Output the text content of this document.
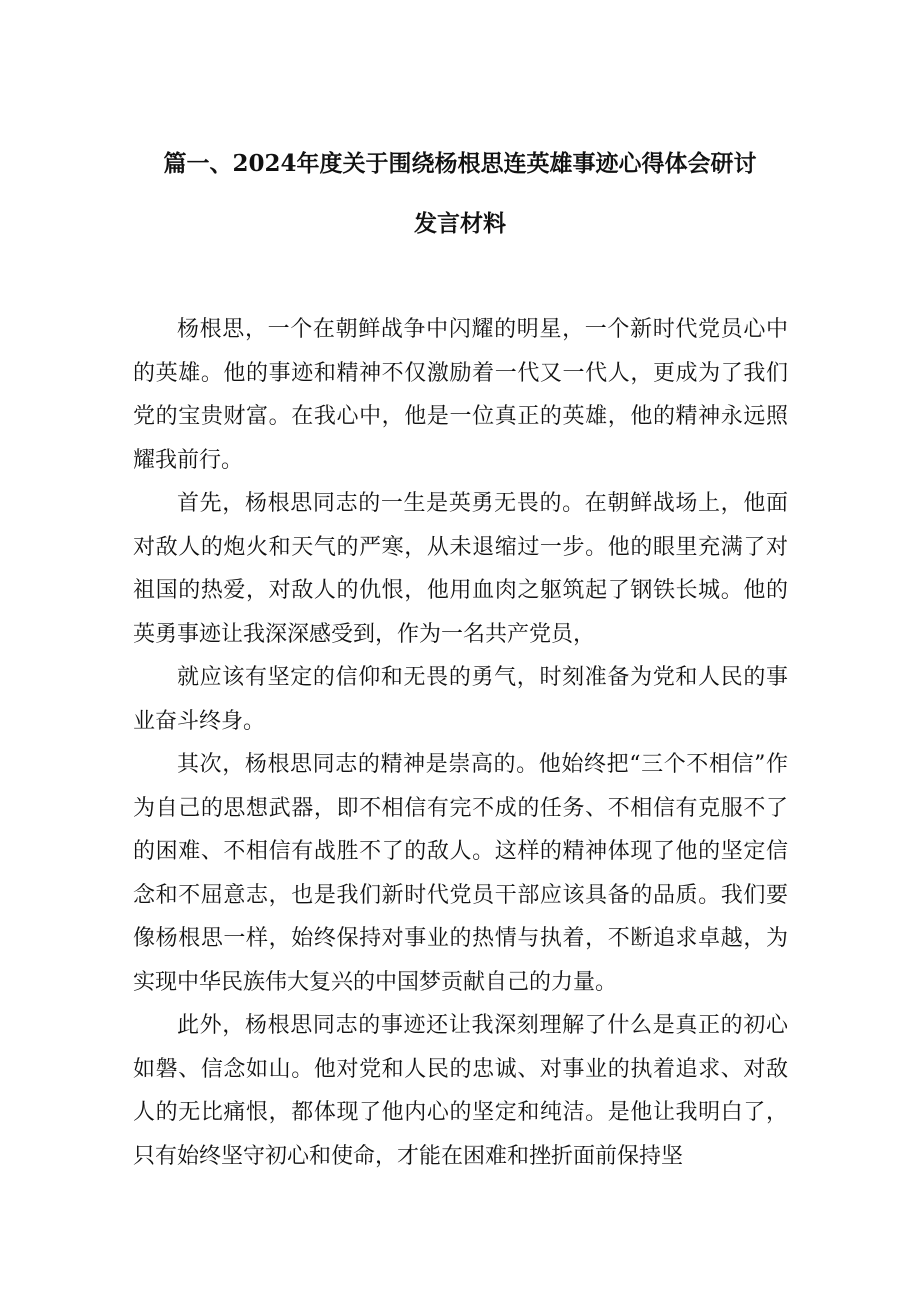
篇一、2024年度关于围绕杨根思连英雄事迹心得体会研讨
发言材料

杨根思，一个在朝鲜战争中闪耀的明星，一个新时代党员心中的英雄。他的事迹和精神不仅激励着一代又一代人，更成为了我们党的宝贵财富。在我心中，他是一位真正的英雄，他的精神永远照耀我前行。

首先，杨根思同志的一生是英勇无畏的。在朝鲜战场上，他面对敌人的炮火和天气的严寒，从未退缩过一步。他的眼里充满了对祖国的热爱，对敌人的仇恨，他用血肉之躯筑起了钢铁长城。他的英勇事迹让我深深感受到，作为一名共产党员，

就应该有坚定的信仰和无畏的勇气，时刻准备为党和人民的事业奋斗终身。

其次，杨根思同志的精神是崇高的。他始终把“三个不相信”作为自己的思想武器，即不相信有完不成的任务、不相信有克服不了的困难、不相信有战胜不了的敌人。这样的精神体现了他的坚定信念和不屈意志，也是我们新时代党员干部应该具备的品质。我们要像杨根思一样，始终保持对事业的热情与执着，不断追求卓越，为实现中华民族伟大复兴的中国梦贡献自己的力量。

此外，杨根思同志的事迹还让我深刻理解了什么是真正的初心如磐、信念如山。他对党和人民的忠诚、对事业的执着追求、对敌人的无比痛恨，都体现了他内心的坚定和纯洁。是他让我明白了，只有始终坚守初心和使命，才能在困难和挫折面前保持坚
